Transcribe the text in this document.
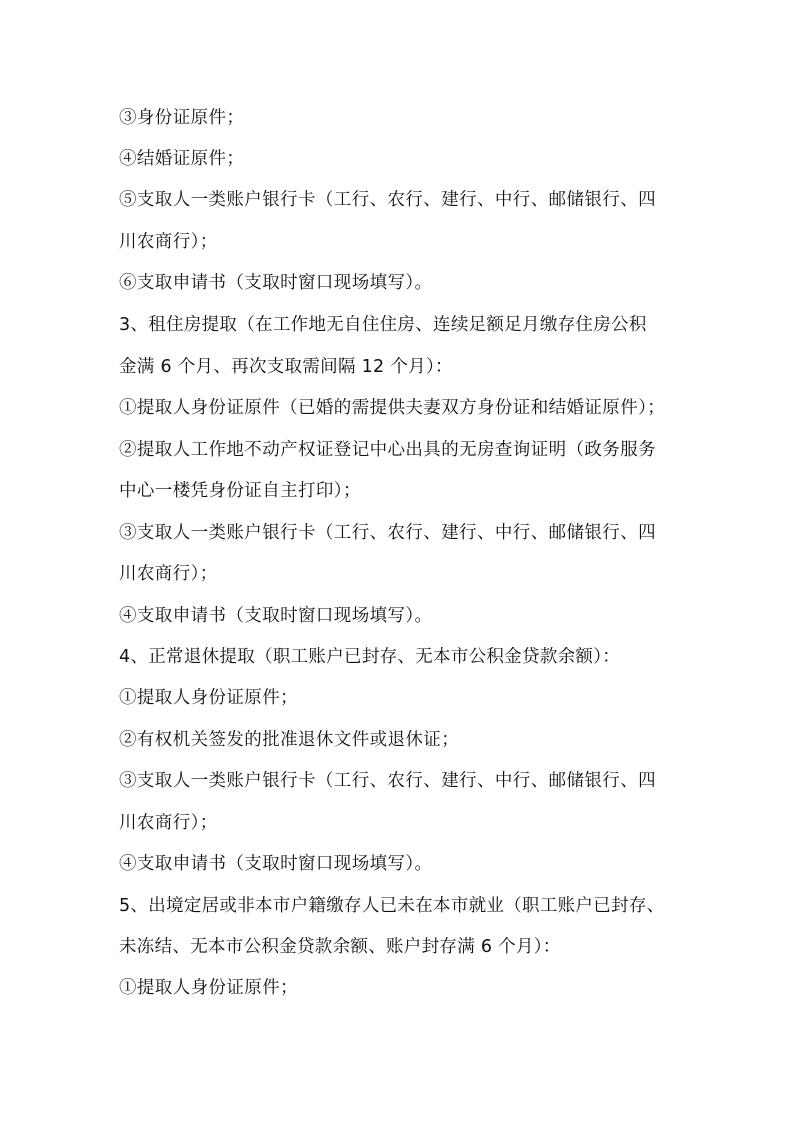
③身份证原件；
④结婚证原件；
⑤支取人一类账户银行卡（工行、农行、建行、中行、邮储银行、四
川农商行）；
⑥支取申请书（支取时窗口现场填写）。
3、租住房提取（在工作地无自住住房、连续足额足月缴存住房公积
金满 6 个月、再次支取需间隔 12 个月）：
①提取人身份证原件（已婚的需提供夫妻双方身份证和结婚证原件）；
②提取人工作地不动产权证登记中心出具的无房查询证明（政务服务
中心一楼凭身份证自主打印）；
③支取人一类账户银行卡（工行、农行、建行、中行、邮储银行、四
川农商行）；
④支取申请书（支取时窗口现场填写）。
4、正常退休提取（职工账户已封存、无本市公积金贷款余额）：
①提取人身份证原件；
②有权机关签发的批准退休文件或退休证；
③支取人一类账户银行卡（工行、农行、建行、中行、邮储银行、四
川农商行）；
④支取申请书（支取时窗口现场填写）。
5、出境定居或非本市户籍缴存人已未在本市就业（职工账户已封存、
未冻结、无本市公积金贷款余额、账户封存满 6 个月）：
①提取人身份证原件；
